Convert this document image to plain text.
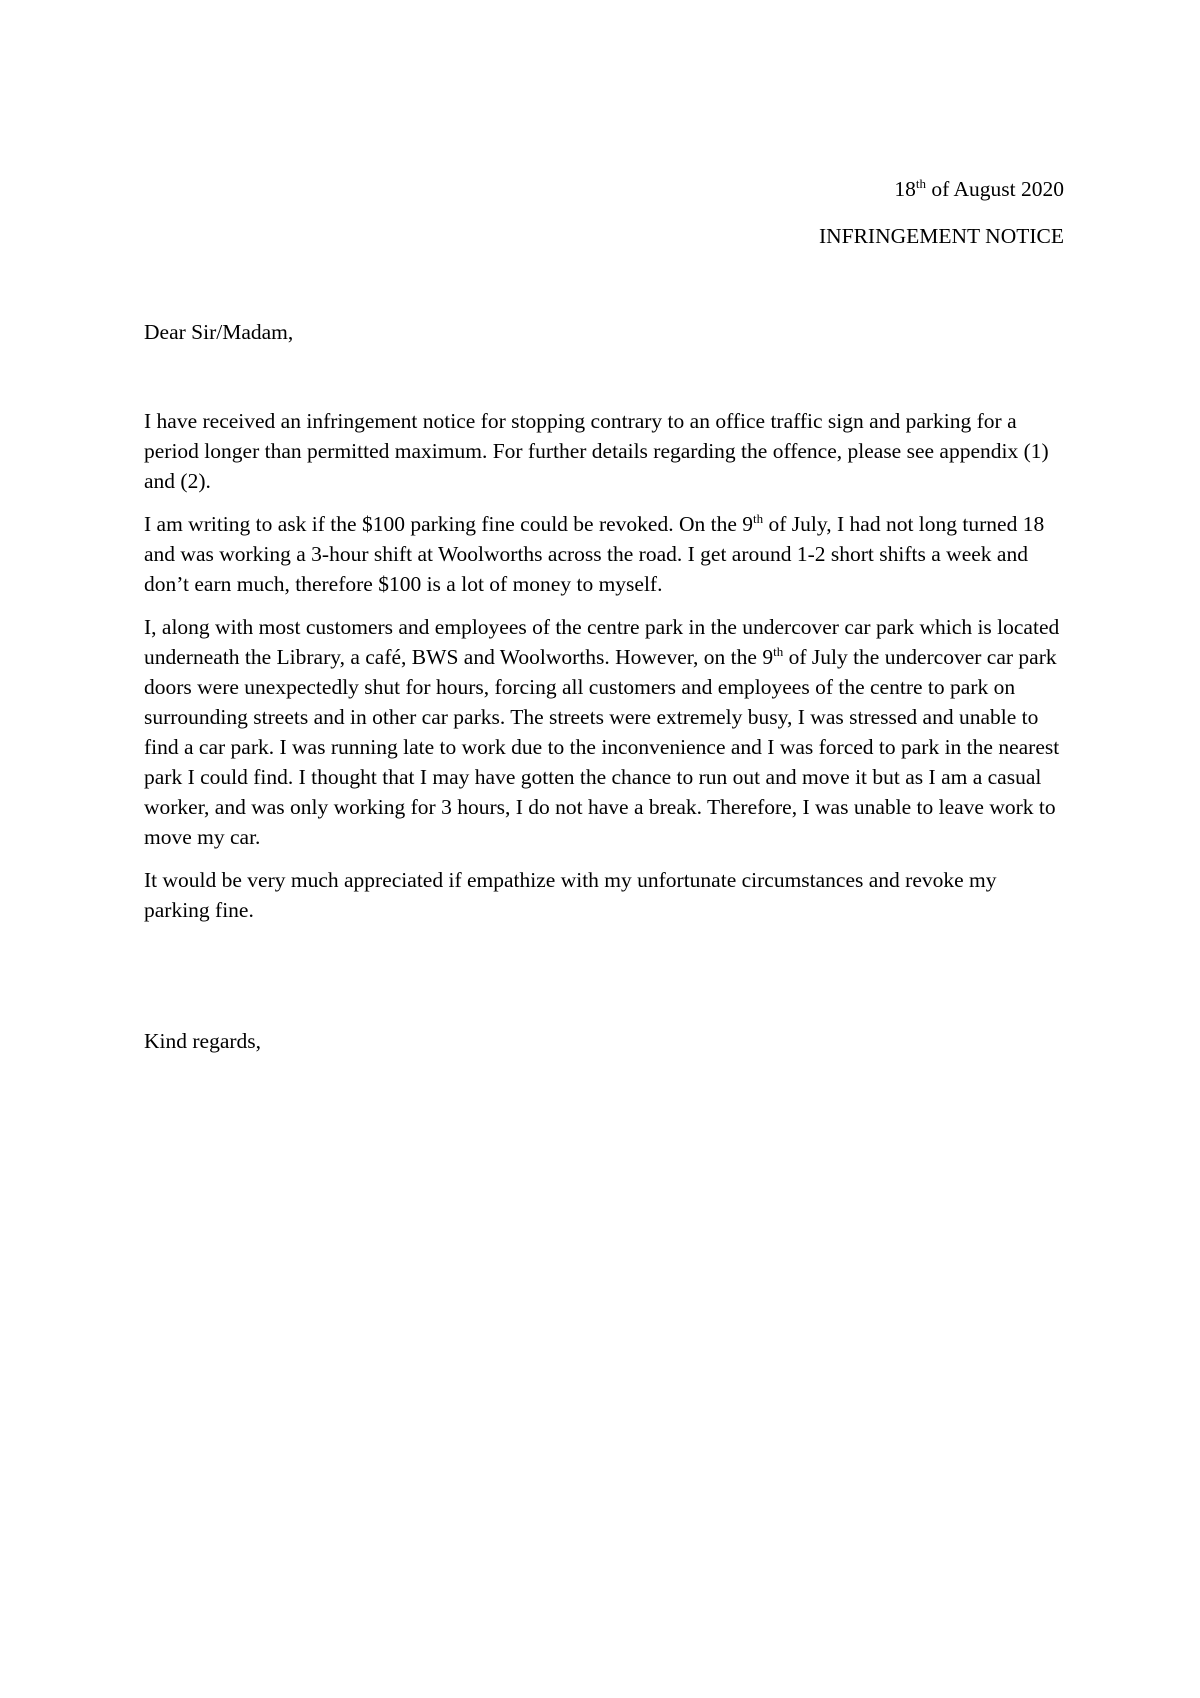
18th of August 2020
INFRINGEMENT NOTICE
Dear Sir/Madam,

I have received an infringement notice for stopping contrary to an office traffic sign and parking for a period longer than permitted maximum. For further details regarding the offence, please see appendix (1) and (2).

I am writing to ask if the $100 parking fine could be revoked. On the 9th of July, I had not long turned 18 and was working a 3-hour shift at Woolworths across the road. I get around 1-2 short shifts a week and don’t earn much, therefore $100 is a lot of money to myself.

I, along with most customers and employees of the centre park in the undercover car park which is located underneath the Library, a café, BWS and Woolworths. However, on the 9th of July the undercover car park doors were unexpectedly shut for hours, forcing all customers and employees of the centre to park on surrounding streets and in other car parks. The streets were extremely busy, I was stressed and unable to find a car park. I was running late to work due to the inconvenience and I was forced to park in the nearest park I could find. I thought that I may have gotten the chance to run out and move it but as I am a casual worker, and was only working for 3 hours, I do not have a break. Therefore, I was unable to leave work to move my car.

It would be very much appreciated if empathize with my unfortunate circumstances and revoke my parking fine.

Kind regards,
